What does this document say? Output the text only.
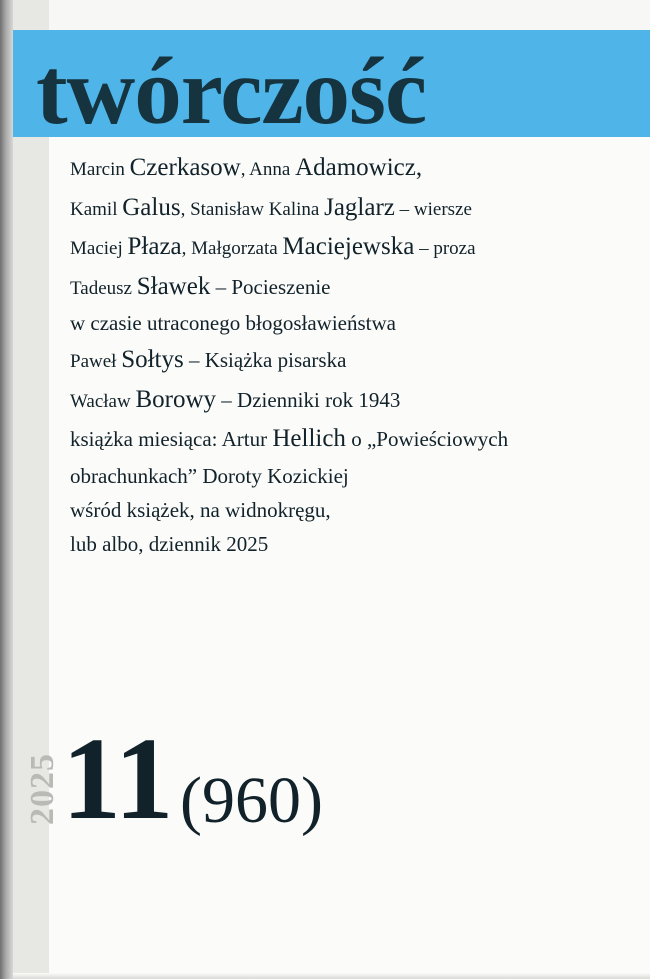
twórczość
Marcin Czerkasow, Anna Adamowicz,
Kamil Galus, Stanisław Kalina Jaglarz – wiersze
Maciej Płaza, Małgorzata Maciejewska – proza
Tadeusz Sławek – Pocieszenie
w czasie utraconego błogosławieństwa
Paweł Sołtys – Książka pisarska
Wacław Borowy – Dzienniki rok 1943
książka miesiąca: Artur Hellich o „Powieściowych
obrachunkach” Doroty Kozickiej
wśród książek, na widnokręgu,
lub albo, dziennik 2025
2025 11 (960)
